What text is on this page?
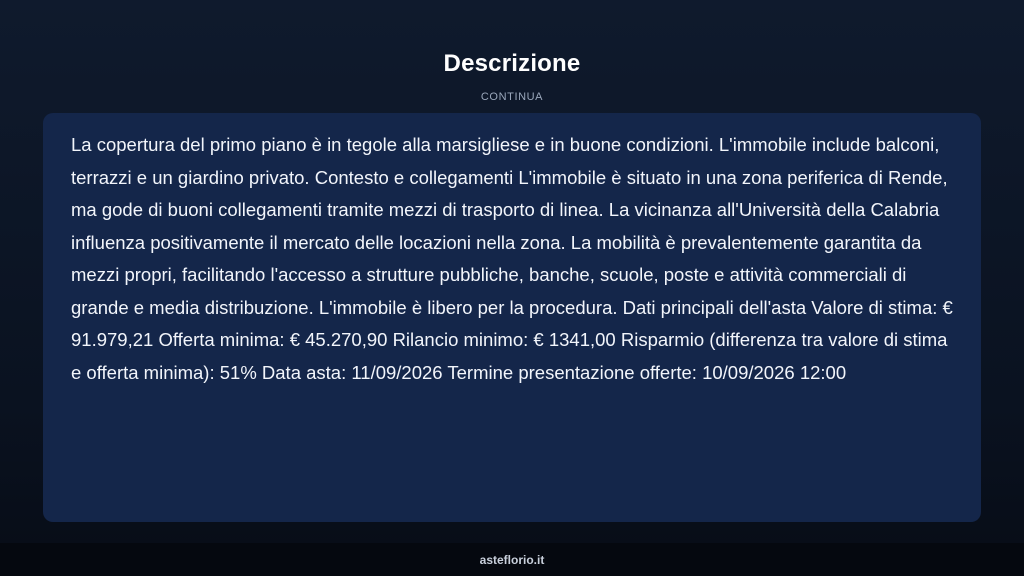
Descrizione
CONTINUA

La copertura del primo piano è in tegole alla marsigliese e in buone condizioni. L'immobile include balconi, terrazzi e un giardino privato. Contesto e collegamenti L'immobile è situato in una zona periferica di Rende, ma gode di buoni collegamenti tramite mezzi di trasporto di linea. La vicinanza all'Università della Calabria influenza positivamente il mercato delle locazioni nella zona. La mobilità è prevalentemente garantita da mezzi propri, facilitando l'accesso a strutture pubbliche, banche, scuole, poste e attività commerciali di grande e media distribuzione. L'immobile è libero per la procedura. Dati principali dell'asta Valore di stima: € 91.979,21 Offerta minima: € 45.270,90 Rilancio minimo: € 1341,00 Risparmio (differenza tra valore di stima e offerta minima): 51% Data asta: 11/09/2026 Termine presentazione offerte: 10/09/2026 12:00

asteflorio.it
